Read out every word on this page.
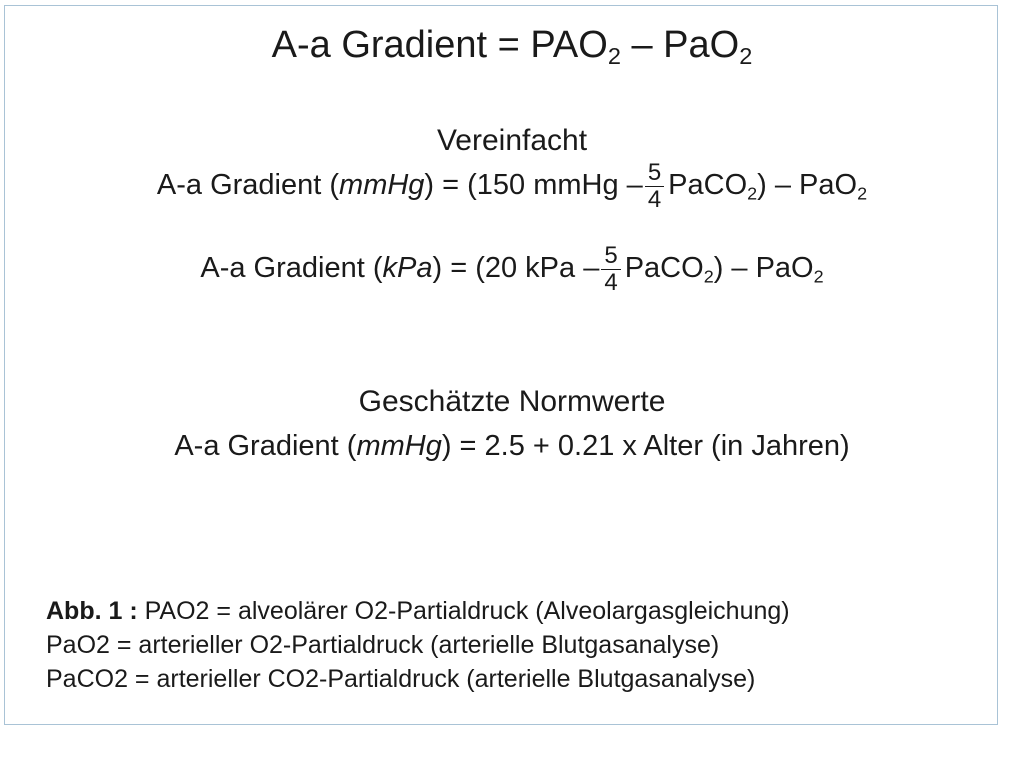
A-a Gradient = $PAO_2 - PaO_2$
Vereinfacht
A-a Gradient (mmHg) = (150 mmHg – $\frac{5}{4}$ PaCO$_2$) – PaO$_2$
A-a Gradient (kPa) = (20 kPa – $\frac{5}{4}$ PaCO$_2$) – PaO$_2$
Geschätzte Normwerte
A-a Gradient (mmHg) = 2.5 + 0.21 x Alter (in Jahren)
Abb. 1 : PAO2 = alveolärer O2-Partialdruck (Alveolargasgleichung)
PaO2 = arterieller O2-Partialdruck (arterielle Blutgasanalyse)
PaCO2 = arterieller CO2-Partialdruck (arterielle Blutgasanalyse)
